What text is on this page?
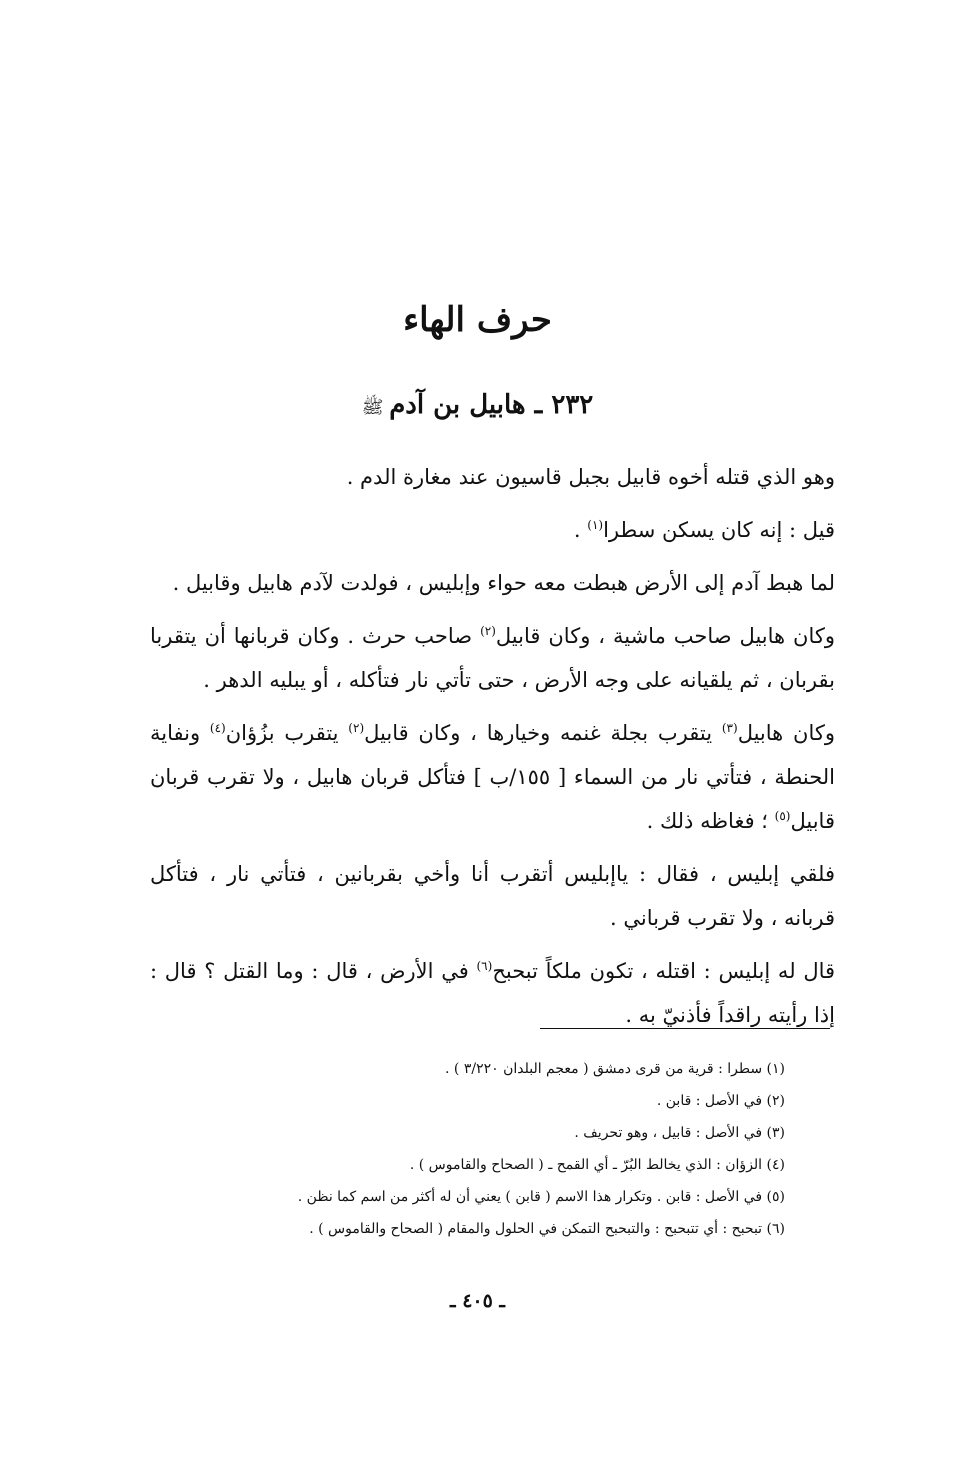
حرف الهاء
٢٣٢ ـ هابيل بن آدم ﷺ

وهو الذي قتله أخوه قابيل بجبل قاسيون عند مغارة الدم .

قيل : إنه كان يسكن سطرا$^{(١)}$ .

لما هبط آدم إلى الأرض هبطت معه حواء وإبليس ، فولدت لآدم هابيل وقابيل .

وكان هابيل صاحب ماشية ، وكان قابيل$^{(٢)}$ صاحب حرث . وكان قربانها أن يتقربا بقربان ، ثم يلقيانه على وجه الأرض ، حتى تأتي نار فتأكله ، أو يبليه الدهر .

وكان هابيل$^{(٣)}$ يتقرب بجلة غنمه وخيارها ، وكان قابيل$^{(٢)}$ يتقرب بزُؤان$^{(٤)}$ ونفاية الحنطة ، فتأتي نار من السماء [ ١٥٥/ب ] فتأكل قربان هابيل ، ولا تقرب قربان قابيل$^{(٥)}$ ؛ فغاظه ذلك .

فلقي إبليس ، فقال : ياإبليس أتقرب أنا وأخي بقربانين ، فتأتي نار ، فتأكل قربانه ، ولا تقرب قرباني .

قال له إبليس : اقتله ، تكون ملكاً تبحبح$^{(٦)}$ في الأرض ، قال : وما القتل ؟ قال : إذا رأيته راقداً فأذنيّ به .

(١) سطرا : قرية من قرى دمشق ( معجم البلدان ٣/٢٢٠ ) .

(٢) في الأصل : قابن .

(٣) في الأصل : قابيل ، وهو تحريف .

(٤) الزؤان : الذي يخالط البُرّ ـ أي القمح ـ ( الصحاح والقاموس ) .

(٥) في الأصل : قابن . وتكرار هذا الاسم ( قابن ) يعني أن له أكثر من اسم كما نظن .

(٦) تبحبح : أي تتبحبح : والتبحبح التمكن في الحلول والمقام ( الصحاح والقاموس ) .

ـ ٤٠٥ ـ
